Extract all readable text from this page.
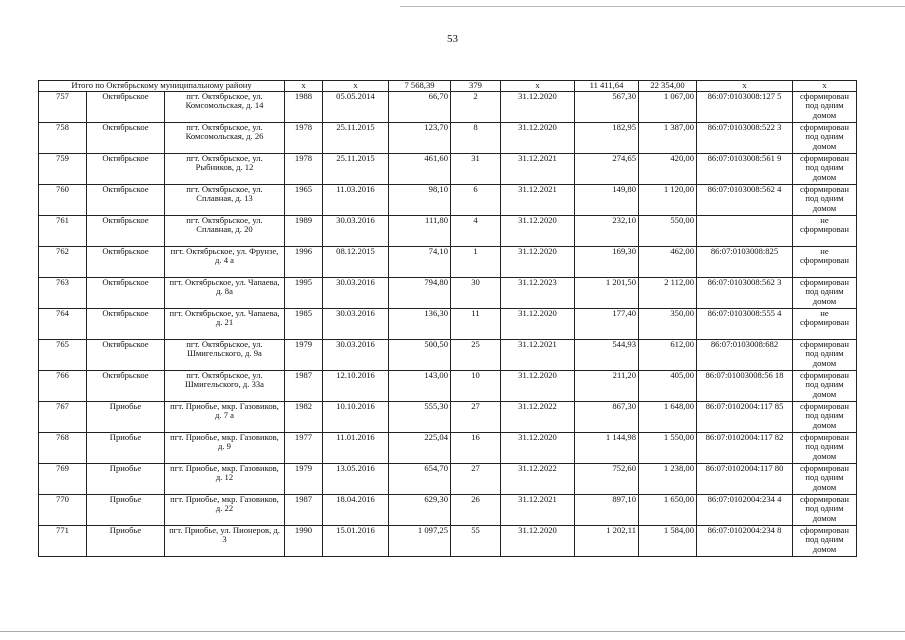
53
Итого по Октябрьскому муниципальному району			x	x	7 568,39	379	x	11 411,64	22 354,00	x	x
757	Октябрьское	пгт. Октябрьское, ул. Комсомольская, д. 14	1988	05.05.2014	66,70	2	31.12.2020	567,30	1 067,00	86:07:0103008:127 5	сформирован под одним домом
758	Октябрьское	пгт. Октябрьское, ул. Комсомольская, д. 26	1978	25.11.2015	123,70	8	31.12.2020	182,95	1 387,00	86:07:0103008:522 3	сформирован под одним домом
759	Октябрьское	пгт. Октябрьское, ул. Рыбников, д. 12	1978	25.11.2015	461,60	31	31.12.2021	274,65	420,00	86:07:0103008:561 9	сформирован под одним домом
760	Октябрьское	пгт. Октябрьское, ул. Сплавная, д. 13	1965	11.03.2016	98,10	6	31.12.2021	149,80	1 120,00	86:07:0103008:562 4	сформирован под одним домом
761	Октябрьское	пгт. Октябрьское, ул. Сплавная, д. 20	1989	30.03.2016	111,80	4	31.12.2020	232,10	550,00		не сформирован
762	Октябрьское	пгт. Октябрьское, ул. Фрунзе, д. 4 а	1996	08.12.2015	74,10	1	31.12.2020	169,30	462,00	86:07:0103008:825	не сформирован
763	Октябрьское	пгт. Октябрьское, ул. Чапаева, д. 8а	1995	30.03.2016	794,80	30	31.12.2023	1 201,50	2 112,00	86:07:0103008:562 3	сформирован под одним домом
764	Октябрьское	пгт. Октябрьское, ул. Чапаева, д. 21	1985	30.03.2016	136,30	11	31.12.2020	177,40	350,00	86:07:0103008:555 4	не сформирован
765	Октябрьское	пгт. Октябрьское, ул. Шмигельского, д. 9а	1979	30.03.2016	500,50	25	31.12.2021	544,93	612,00	86:07:0103008:682	сформирован под одним домом
766	Октябрьское	пгт. Октябрьское, ул. Шмигельского, д. 33а	1987	12.10.2016	143,00	10	31.12.2020	211,20	405,00	86:07:01003008:56 18	сформирован под одним домом
767	Приобье	пгт. Приобье, мкр. Газовиков, д. 7 а	1982	10.10.2016	555,30	27	31.12.2022	867,30	1 648,00	86:07:0102004:117 85	сформирован под одним домом
768	Приобье	пгт. Приобье, мкр. Газовиков, д. 9	1977	11.01.2016	225,04	16	31.12.2020	1 144,98	1 550,00	86:07:0102004:117 82	сформирован под одним домом
769	Приобье	пгт. Приобье, мкр. Газовиков, д. 12	1979	13.05.2016	654,70	27	31.12.2022	752,60	1 238,00	86:07:0102004:117 80	сформирован под одним домом
770	Приобье	пгт. Приобье, мкр. Газовиков, д. 22	1987	18.04.2016	629,30	26	31.12.2021	897,10	1 650,00	86:07:0102004:234 4	сформирован под одним домом
771	Приобье	пгт. Приобье, ул. Пионеров, д. 3	1990	15.01.2016	1 097,25	55	31.12.2020	1 202,11	1 584,00	86:07:0102004:234 8	сформирован под одним домом
